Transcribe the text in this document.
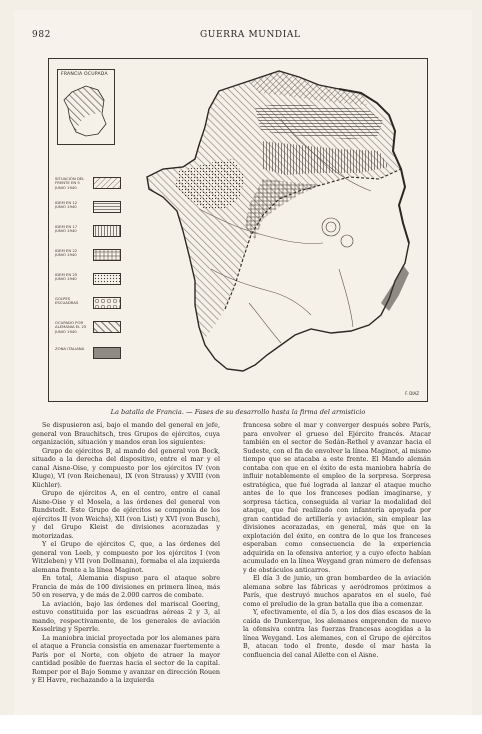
982	GUERRA MUNDIAL
FRANCIA OCUPADA
SITUACIÓN DEL FRENTE EN 5 JUNIO 1940
IDEM EN 12 JUNIO 1940
IDEM EN 17 JUNIO 1940
IDEM EN 22 JUNIO 1940
IDEM EN 25 JUNIO 1940
GOLPES ESCUADRAS
OCUPADO POR ALEMANIA EL 25 JUNIO 1940
ZONA ITALIANA
F. DIAZ
La batalla de Francia. — Fases de su desarrollo hasta la firma del armisticio

Se dispusieron así, bajo el mando del general en jefe, general von Brauchitsch, tres Grupos de ejércitos, cuya organización, situación y mandos eran los siguientes:

Grupo de ejércitos B, al mando del general von Bock, situado a la derecha del dispositivo, entre el mar y el canal Aisne-Oise, y compuesto por los ejércitos IV (von Kluge), VI (von Reichenau), IX (von Strauss) y XVIII (von Küchler).

Grupo de ejércitos A, en el centro, entre el canal Aisne-Oise y el Mosela, a las órdenes del general von Rundstedt. Este Grupo de ejércitos se componía de los ejércitos II (von Weichs), XII (von List) y XVI (von Busch), y del Grupo Kleist de divisiones acorazadas y motorizadas.

Y el Grupo de ejércitos C, que, a las órdenes del general von Leeb, y compuesto por los ejércitos I (von Witzleben) y VII (von Dollmann), formaba el ala izquierda alemana frente a la línea Maginot.

En total, Alemania dispuso para el ataque sobre Francia de más de 100 divisiones en primera línea, más 50 en reserva, y de más de 2.000 carros de combate.

La aviación, bajo las órdenes del mariscal Goering, estuvo constituida por las escuadras aéreas 2 y 3, al mando, respectivamente, de los generales de aviación Kesselring y Sperrle.

La maniobra inicial proyectada por los alemanes para el ataque a Francia consistía en amenazar fuertemente a París por el Norte, con objeto de atraer la mayor cantidad posible de fuerzas hacia el sector de la capital. Romper por el Bajo Somme y avanzar en dirección Rouen y El Havre, rechazando a la izquierda

francesa sobre el mar y converger después sobre París, para envolver el grueso del Ejército francés. Atacar también en el sector de Sedán-Rethel y avanzar hacia el Sudeste, con el fin de envolver la línea Maginot, al mismo tiempo que se atacaba a este frente. El Mando alemán contaba con que en el éxito de esta maniobra habría de influir notablemente el empleo de la sorpresa. Sorpresa estratégica, que fué lograda al lanzar el ataque mucho antes de lo que los franceses podían imaginarse, y sorpresa táctica, conseguida al variar la modalidad del ataque, que fué realizado con infantería apoyada por gran cantidad de artillería y aviación, sin emplear las divisiones acorazadas, en general, más que en la explotación del éxito, en contra de lo que los franceses esperaban como consecuencia de la experiencia adquirida en la ofensiva anterior, y a cuyo efecto habían acumulado en la línea Weygand gran número de defensas y de obstáculos anticarros.

El día 3 de junio, un gran bombardeo de la aviación alemana sobre las fábricas y aeródromos próximos a París, que destruyó muchos aparatos en el suelo, fué como el preludio de la gran batalla que iba a comenzar.

Y, efectivamente, el día 5, a los dos días escasos de la caída de Dunkerque, los alemanes emprenden de nuevo la ofensiva contra las fuerzas francesas acogidas a la línea Weygand. Los alemanes, con el Grupo de ejércitos B, atacan todo el frente, desde el mar hasta la confluencia del canal Ailette con el Aisne.
